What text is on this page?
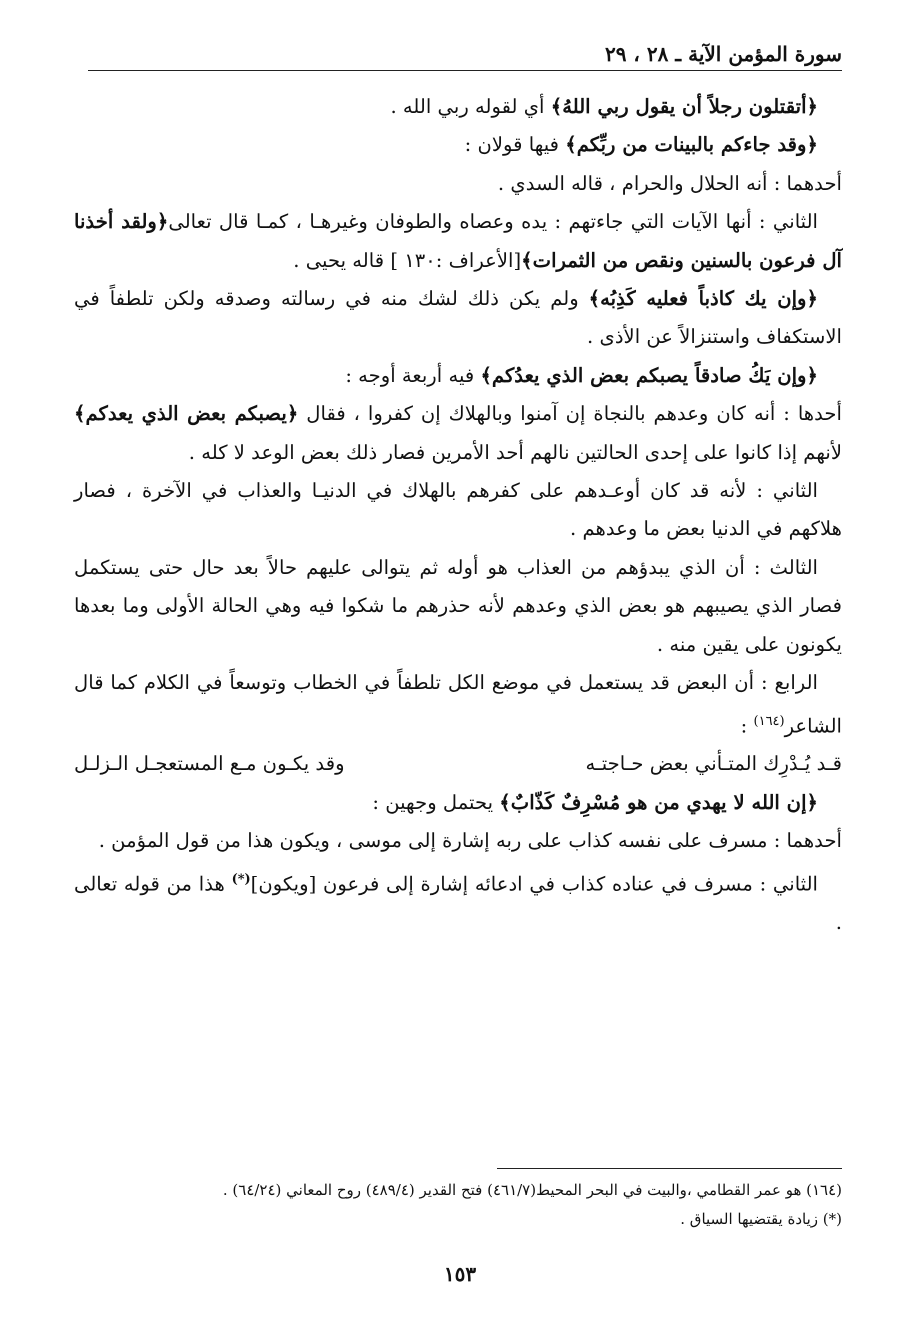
سورة المؤمن الآية ـ ٢٨ ، ٢٩

﴿أتقتلون رجلاً أن يقول ربي اللهُ﴾ أي لقوله ربي الله .

﴿وقد جاءكم بالبينات من ربِّكم﴾ فيها قولان :

أحدهما : أنه الحلال والحرام ، قاله السدي .

الثاني : أنها الآيات التي جاءتهم : يده وعصاه والطوفان وغيرهـا ، كمـا قال تعالى﴿ولقد أخذنا آل فرعون بالسنين ونقص من الثمرات﴾[الأعراف :١٣٠ ] قاله يحيى .

﴿وإن يك كاذباً فعليه كَذِبُه﴾ ولم يكن ذلك لشك منه في رسالته وصدقه ولكن تلطفاً في الاستكفاف واستنزالاً عن الأذى .

﴿وإن يَكُ صادقاً يصبكم بعض الذي يعدُكم﴾ فيه أربعة أوجه :

أحدها : أنه كان وعدهم بالنجاة إن آمنوا وبالهلاك إن كفروا ، فقال ﴿يصبكم بعض الذي يعدكم﴾ لأنهم إذا كانوا على إحدى الحالتين نالهم أحد الأمرين فصار ذلك بعض الوعد لا كله .

الثاني : لأنه قد كان أوعـدهم على كفرهم بالهلاك في الدنيـا والعذاب في الآخرة ، فصار هلاكهم في الدنيا بعض ما وعدهم .

الثالث : أن الذي يبدؤهم من العذاب هو أوله ثم يتوالى عليهم حالاً بعد حال حتى يستكمل فصار الذي يصيبهم هو بعض الذي وعدهم لأنه حذرهم ما شكوا فيه وهي الحالة الأولى وما بعدها يكونون على يقين منه .

الرابع : أن البعض قد يستعمل في موضع الكل تلطفاً في الخطاب وتوسعاً في الكلام كما قال الشاعر$^{(١٦٤)}$ :

قـد يُـدْرِك المتـأني بعض حـاجتـه
وقد يكـون مـع المستعجـل الـزلـل

﴿إن الله لا يهدي من هو مُسْرِفٌ كَذّابٌ﴾ يحتمل وجهين :

أحدهما : مسرف على نفسه كذاب على ربه إشارة إلى موسى ، ويكون هذا من قول المؤمن .

الثاني : مسرف في عناده كذاب في ادعائه إشارة إلى فرعون [ويكون](*) هذا من قوله تعالى .

(١٦٤) هو عمر القطامي ،والبيت في البحر المحيط(٤٦١/٧) فتح القدير (٤٨٩/٤) روح المعاني (٦٤/٢٤) .

(*) زيادة يقتضيها السياق .

١٥٣
